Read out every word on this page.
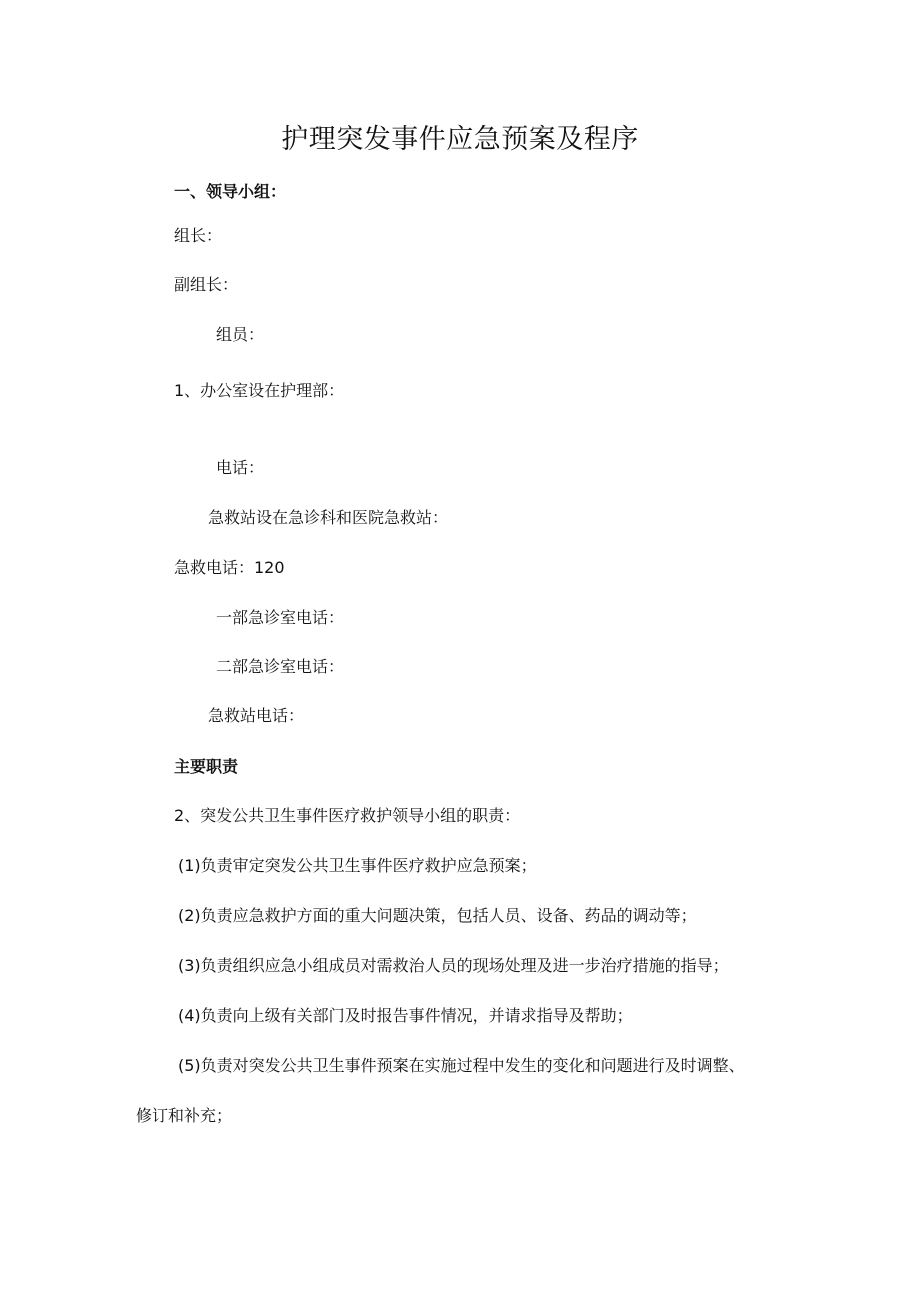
护理突发事件应急预案及程序
一、领导小组：
组长：
副组长：
组员：
1、办公室设在护理部：
电话：
急救站设在急诊科和医院急救站：
急救电话：120
一部急诊室电话：
二部急诊室电话：
急救站电话：
主要职责
2、突发公共卫生事件医疗救护领导小组的职责：
(1)负责审定突发公共卫生事件医疗救护应急预案；
(2)负责应急救护方面的重大问题决策，包括人员、设备、药品的调动等；
(3)负责组织应急小组成员对需救治人员的现场处理及进一步治疗措施的指导；
(4)负责向上级有关部门及时报告事件情况，并请求指导及帮助；
(5)负责对突发公共卫生事件预案在实施过程中发生的变化和问题进行及时调整、
修订和补充；
